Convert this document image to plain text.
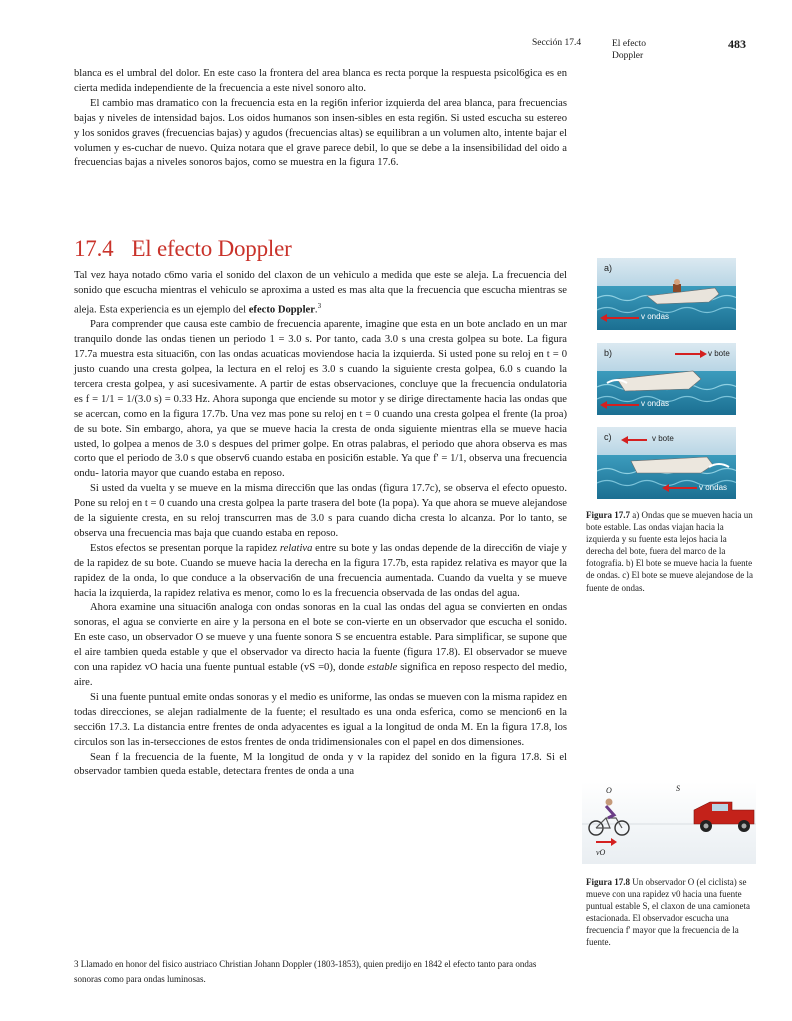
Sección 17.4	El efecto Doppler
483

blanca es el umbral del dolor. En este caso la frontera del area blanca es recta porque la respuesta psicol6gica es en cierta medida independiente de la frecuencia a este nivel sonoro alto.

El cambio mas dramatico con la frecuencia esta en la regi6n inferior izquierda del area blanca, para frecuencias bajas y niveles de intensidad bajos. Los oidos humanos son insen-sibles en esta regi6n. Si usted escucha su estereo y los sonidos graves (frecuencias bajas) y agudos (frecuencias altas) se equilibran a un volumen alto, intente bajar el volumen y es-cuchar de nuevo. Quiza notara que el grave parece debil, lo que se debe a la insensibilidad del oido a frecuencias bajas a niveles sonoros bajos, como se muestra en la figura 17.6.

17.4 El efecto Doppler

Tal vez haya notado c6mo varia el sonido del claxon de un vehiculo a medida que este se aleja. La frecuencia del sonido que escucha mientras el vehiculo se aproxima a usted es mas alta que la frecuencia que escucha mientras se aleja. Esta experiencia es un ejemplo del efecto Doppler.$^3$

Para comprender que causa este cambio de frecuencia aparente, imagine que esta en un bote anclado en un mar tranquilo donde las ondas tienen un periodo 1 = 3.0 s. Por tanto, cada 3.0 s una cresta golpea su bote. La figura 17.7a muestra esta situaci6n, con las ondas acuaticas moviendose hacia la izquierda. Si usted pone su reloj en t = 0 justo cuando una cresta golpea, la lectura en el reloj es 3.0 s cuando la siguiente cresta golpea, 6.0 s cuando la tercera cresta golpea, y asi sucesivamente. A partir de estas observaciones, concluye que la frecuencia ondulatoria es f = 1/1 = 1/(3.0 s) = 0.33 Hz. Ahora suponga que enciende su motor y se dirige directamente hacia las ondas que se acercan, como en la figura 17.7b. Una vez mas pone su reloj en t = 0 cuando una cresta golpea el frente (la proa) de su bote. Sin embargo, ahora, ya que se mueve hacia la cresta de onda siguiente mientras ella se mueve hacia usted, lo golpea a menos de 3.0 s despues del primer golpe. En otras palabras, el periodo que ahora observa es mas corto que el periodo de 3.0 s que observ6 cuando estaba en posici6n estable. Ya que f' = 1/1, observa una frecuencia ondu- latoria mayor que cuando estaba en reposo.

Si usted da vuelta y se mueve en la misma direcci6n que las ondas (figura 17.7c), se observa el efecto opuesto. Pone su reloj en t = 0 cuando una cresta golpea la parte trasera del bote (la popa). Ya que ahora se mueve alejandose de la siguiente cresta, en su reloj transcurren mas de 3.0 s para cuando dicha cresta lo alcanza. Por lo tanto, se observa una frecuencia mas baja que cuando estaba en reposo.

Estos efectos se presentan porque la rapidez relativa entre su bote y las ondas depende de la direcci6n de viaje y de la rapidez de su bote. Cuando se mueve hacia la derecha en la figura 17.7b, esta rapidez relativa es mayor que la rapidez de la onda, lo que conduce a la observaci6n de una frecuencia aumentada. Cuando da vuelta y se mueve hacia la izquierda, la rapidez relativa es menor, como lo es la frecuencia observada de las ondas del agua.

Ahora examine una situaci6n analoga con ondas sonoras en la cual las ondas del agua se convierten en ondas sonoras, el agua se convierte en aire y la persona en el bote se con-vierte en un observador que escucha el sonido. En este caso, un observador O se mueve y una fuente sonora S se encuentra estable. Para simplificar, se supone que el aire tambien queda estable y que el observador va directo hacia la fuente (figura 17.8). El observador se mueve con una rapidez vO hacia una fuente puntual estable (vS =0), donde estable significa en reposo respecto del medio, aire.

Si una fuente puntual emite ondas sonoras y el medio es uniforme, las ondas se mueven con la misma rapidez en todas direcciones, se alejan radialmente de la fuente; el resultado es una onda esferica, como se mencion6 en la secci6n 17.3. La distancia entre frentes de onda adyacentes es igual a la longitud de onda M. En la figura 17.8, los circulos son las in-tersecciones de estos frentes de onda tridimensionales con el papel en dos dimensiones.

Sean f la frecuencia de la fuente, M la longitud de onda y v la rapidez del sonido en la figura 17.8. Si el observador tambien queda estable, detectara frentes de onda a una

3 Llamado en honor del fisico austriaco Christian Johann Doppler (1803-1853), quien predijo en 1842 el efecto tanto para ondas sonoras como para ondas luminosas.
a)
v ondas
b)	v bote
v ondas
c)	v bote
v ondas
Figura 17.7 a) Ondas que se mueven hacia un bote estable. Las ondas viajan hacia la izquierda y su fuente esta lejos hacia la derecha del bote, fuera del marco de la fotografia. b) El bote se mueve hacia la fuente de ondas. c) El bote se mueve alejandose de la fuente de ondas.
O	S
vO
Figura 17.8 Un observador O (el ciclista) se mueve con una rapidez v0 hacia una fuente puntual estable S, el claxon de una camioneta estacionada. El observador escucha una frecuencia f' mayor que la frecuencia de la fuente.
